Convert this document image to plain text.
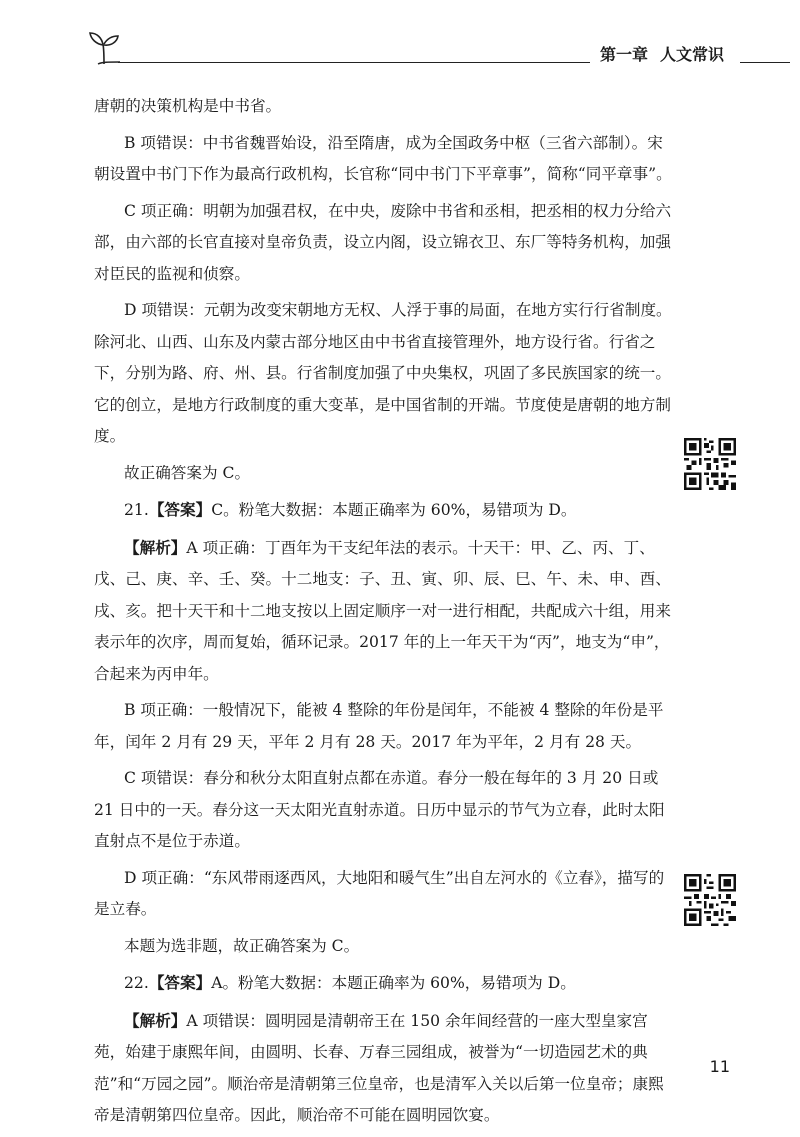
第一章 人文常识

唐朝的决策机构是中书省。

B 项错误：中书省魏晋始设，沿至隋唐，成为全国政务中枢（三省六部制）。宋朝设置中书门下作为最高行政机构，长官称“同中书门下平章事”，简称“同平章事”。

C 项正确：明朝为加强君权，在中央，废除中书省和丞相，把丞相的权力分给六部，由六部的长官直接对皇帝负责，设立内阁，设立锦衣卫、东厂等特务机构，加强对臣民的监视和侦察。

D 项错误：元朝为改变宋朝地方无权、人浮于事的局面，在地方实行行省制度。除河北、山西、山东及内蒙古部分地区由中书省直接管理外，地方设行省。行省之下，分别为路、府、州、县。行省制度加强了中央集权，巩固了多民族国家的统一。它的创立，是地方行政制度的重大变革，是中国省制的开端。节度使是唐朝的地方制度。

故正确答案为 C。

21.【答案】C。粉笔大数据：本题正确率为 60%，易错项为 D。

【解析】A 项正确：丁酉年为干支纪年法的表示。十天干：甲、乙、丙、丁、戊、己、庚、辛、壬、癸。十二地支：子、丑、寅、卯、辰、巳、午、未、申、酉、戌、亥。把十天干和十二地支按以上固定顺序一对一进行相配，共配成六十组，用来表示年的次序，周而复始，循环记录。2017 年的上一年天干为“丙”，地支为“申”，合起来为丙申年。

B 项正确：一般情况下，能被 4 整除的年份是闰年，不能被 4 整除的年份是平年，闰年 2 月有 29 天，平年 2 月有 28 天。2017 年为平年，2 月有 28 天。

C 项错误：春分和秋分太阳直射点都在赤道。春分一般在每年的 3 月 20 日或 21 日中的一天。春分这一天太阳光直射赤道。日历中显示的节气为立春，此时太阳直射点不是位于赤道。

D 项正确：“东风带雨逐西风，大地阳和暖气生”出自左河水的《立春》，描写的是立春。

本题为选非题，故正确答案为 C。

22.【答案】A。粉笔大数据：本题正确率为 60%，易错项为 D。

【解析】A 项错误：圆明园是清朝帝王在 150 余年间经营的一座大型皇家宫苑，始建于康熙年间，由圆明、长春、万春三园组成，被誉为“一切造园艺术的典范”和“万园之园”。顺治帝是清朝第三位皇帝，也是清军入关以后第一位皇帝；康熙帝是清朝第四位皇帝。因此，顺治帝不可能在圆明园饮宴。

11
